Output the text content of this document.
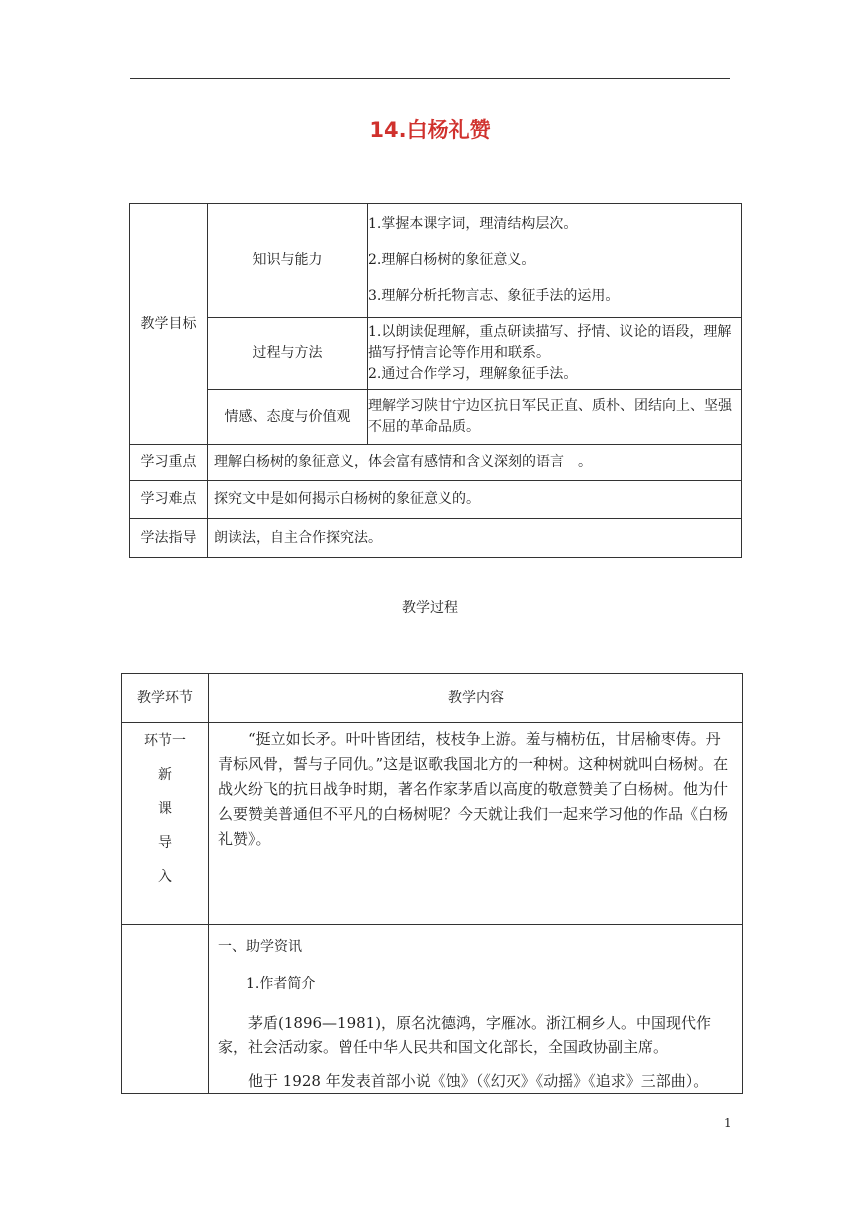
14.白杨礼赞
教学目标	知识与能力	1.掌握本课字词，理清结构层次。
2.理解白杨树的象征意义。
3.理解分析托物言志、象征手法的运用。

	过程与方法	1.以朗读促理解，重点研读描写、抒情、议论的语段，理解描写抒情言论等作用和联系。
2.通过合作学习，理解象征手法。

	情感、态度与价值观	理解学习陕甘宁边区抗日军民正直、质朴、团结向上、坚强不屈的革命品质。

学习重点	理解白杨树的象征意义，体会富有感情和含义深刻的语言　。	
学习难点	探究文中是如何揭示白杨树的象征意义的。	
学法指导	朗读法，自主合作探究法。	
教学过程
教学环节	教学内容

环节一
新
课
导
入	“挺立如长矛。叶叶皆团结，枝枝争上游。羞与楠枋伍，甘居榆枣俦。丹青标风骨，誓与子同仇。”这是讴歌我国北方的一种树。这种树就叫白杨树。在战火纷飞的抗日战争时期，著名作家茅盾以高度的敬意赞美了白杨树。他为什么要赞美普通但不平凡的白杨树呢？今天就让我们一起来学习他的作品《白杨礼赞》。

	一、助学资讯

1.作者简介

茅盾(1896—1981)，原名沈德鸿，字雁冰。浙江桐乡人。中国现代作家，社会活动家。曾任中华人民共和国文化部长，全国政协副主席。

他于 1928 年发表首部小说《蚀》（《幻灭》《动摇》《追求》三部曲）。

1
